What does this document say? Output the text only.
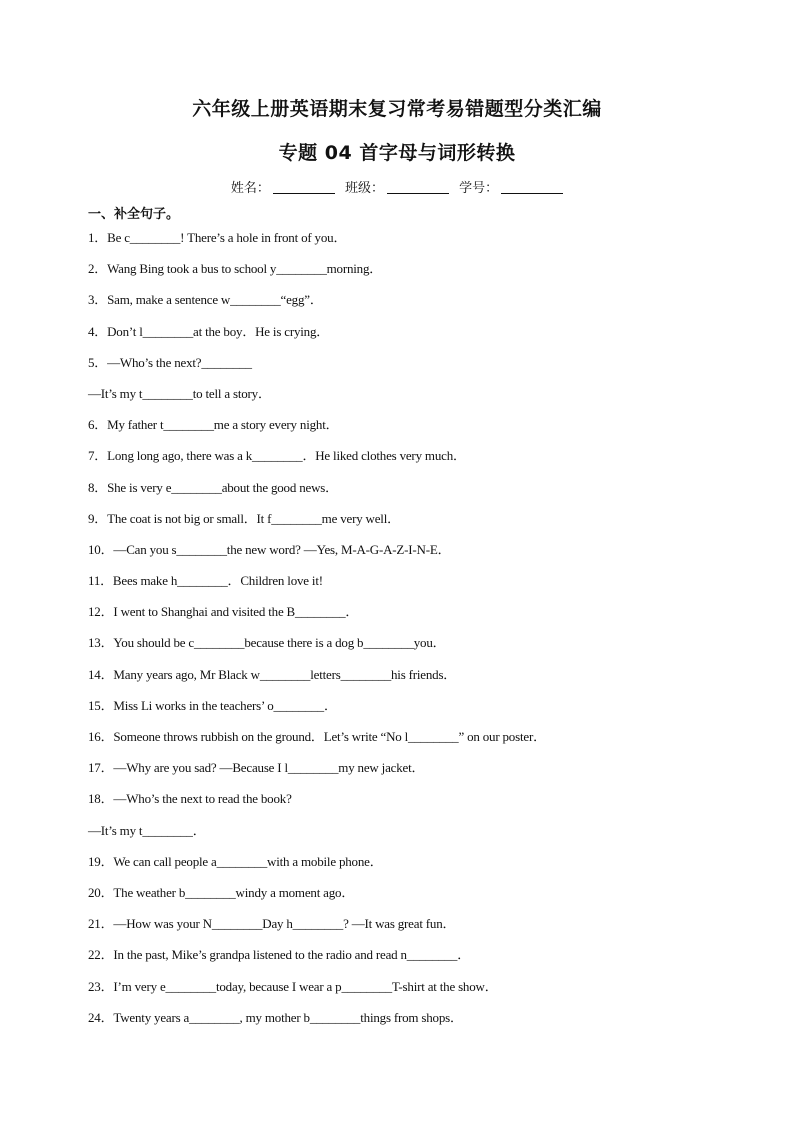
六年级上册英语期末复习常考易错题型分类汇编
专题 04 首字母与词形转换
姓名：	班级：	学号：
一、补全句子。
1．Be c________! There’s a hole in front of you．
2．Wang Bing took a bus to school y________morning．
3．Sam, make a sentence w________“egg”．
4．Don’t l________at the boy．He is crying．
5．—Who’s the next?________
—It’s my t________to tell a story．
6．My father t________me a story every night．
7．Long long ago, there was a k________．He liked clothes very much．
8．She is very e________about the good news．
9．The coat is not big or small．It f________me very well．
10．—Can you s________the new word? —Yes, M-A-G-A-Z-I-N-E．
11．Bees make h________．Children love it!
12．I went to Shanghai and visited the B________．
13．You should be c________because there is a dog b________you．
14．Many years ago, Mr Black w________letters________his friends．
15．Miss Li works in the teachers’ o________．
16．Someone throws rubbish on the ground．Let’s write “No l________” on our poster．
17．—Why are you sad? —Because I l________my new jacket．
18．—Who’s the next to read the book?
—It’s my t________．
19．We can call people a________with a mobile phone．
20．The weather b________windy a moment ago．
21．—How was your N________Day h________? —It was great fun．
22．In the past, Mike’s grandpa listened to the radio and read n________．
23．I’m very e________today, because I wear a p________T-shirt at the show．
24．Twenty years a________, my mother b________things from shops．
